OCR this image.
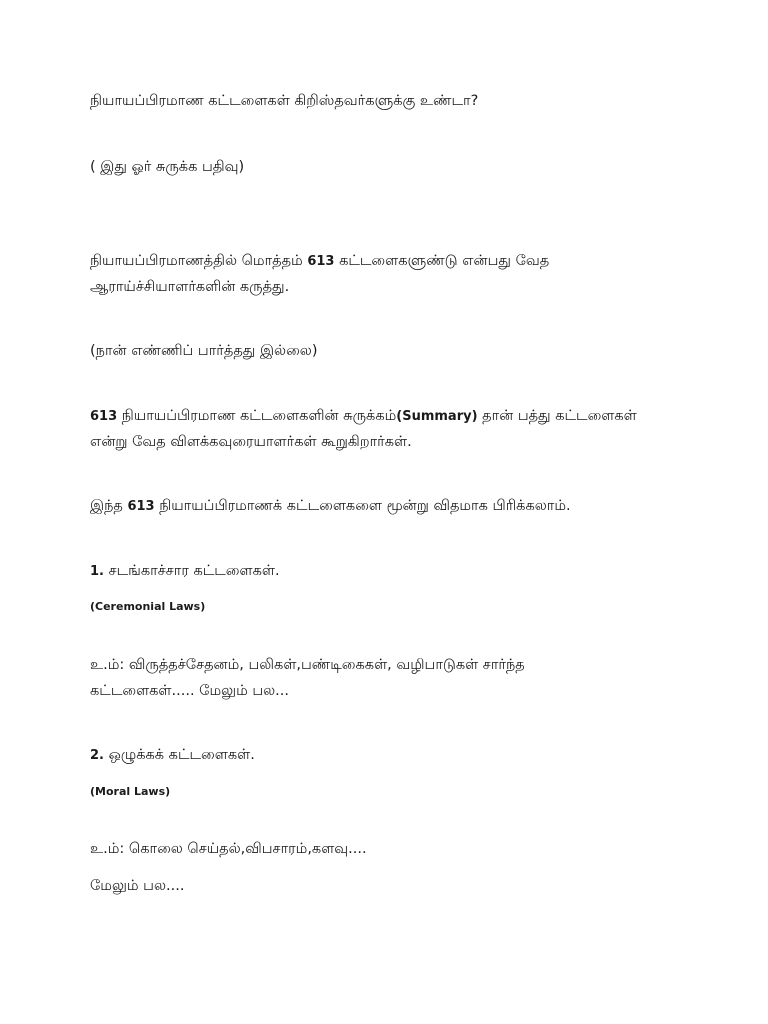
நியாயப்பிரமாண கட்டளைகள் கிறிஸ்தவர்களுக்கு உண்டா?
( இது ஓர் சுருக்க பதிவு)
நியாயப்பிரமாணத்தில் மொத்தம் 613 கட்டளைகளுண்டு என்பது வேத
ஆராய்ச்சியாளர்களின் கருத்து.
(நான் எண்ணிப் பார்த்தது இல்லை)
613 நியாயப்பிரமாண கட்டளைகளின் சுருக்கம்(Summary) தான் பத்து கட்டளைகள்
என்று வேத விளக்கவுரையாளர்கள் கூறுகிறார்கள்.
இந்த 613 நியாயப்பிரமாணக் கட்டளைகளை மூன்று விதமாக பிரிக்கலாம்.
1. சடங்காச்சார கட்டளைகள்.
(Ceremonial Laws)
உ.ம்: விருத்தச்சேதனம், பலிகள்,பண்டிகைகள், வழிபாடுகள் சார்ந்த
கட்டளைகள்..... மேலும் பல...
2. ஒழுக்கக் கட்டளைகள்.
(Moral Laws)
உ.ம்: கொலை செய்தல்,விபசாரம்,களவு....
மேலும் பல....
